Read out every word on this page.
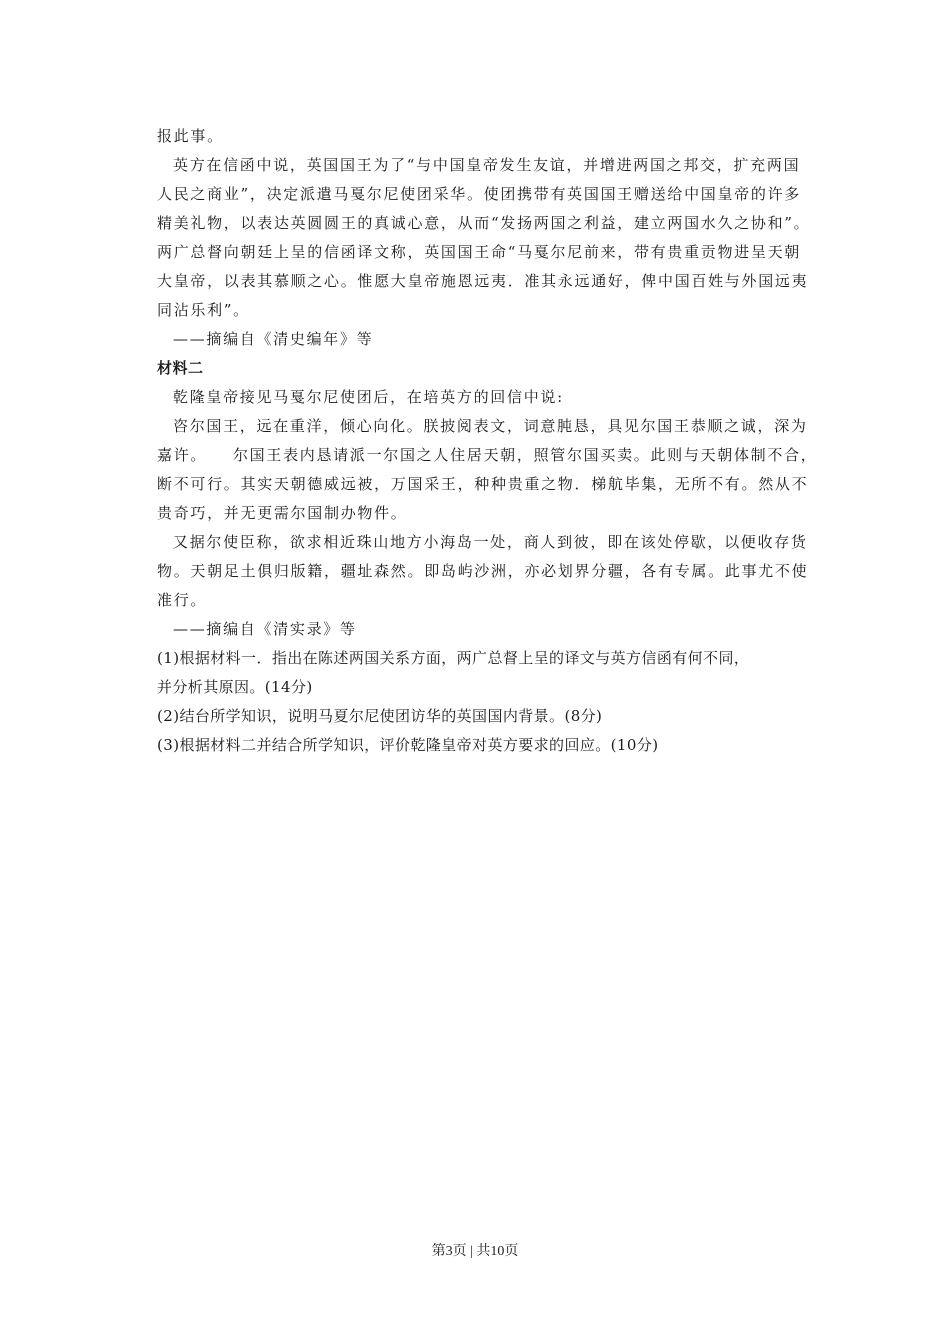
报此事。
英方在信函中说，英国国王为了“与中国皇帝发生友谊，并增进两国之邦交，扩充两国
人民之商业”，决定派遣马戛尔尼使团采华。使团携带有英国国王赠送给中国皇帝的许多
精美礼物，以表达英圆圆王的真诚心意，从而“发扬两国之利益，建立两国水久之协和”。
两广总督向朝廷上呈的信函译文称，英国国王命“马戛尔尼前来，带有贵重贡物进呈天朝
大皇帝，以表其慕顺之心。惟愿大皇帝施恩远夷．准其永远通好，俾中国百姓与外国远夷
同沾乐利”。
——摘编自《清史编年》等
材料二
乾隆皇帝接见马戛尔尼使团后，在培英方的回信中说:
咨尔国王，远在重洋，倾心向化。朕披阅表文，词意肫恳，具见尔国王恭顺之诚，深为
嘉许。    尔国王表内恳请派一尔国之人住居天朝，照管尔国买卖。此则与天朝体制不合，
断不可行。其实天朝德威远被，万国采王，种种贵重之物．梯航毕集，无所不有。然从不
贵奇巧，并无更需尔国制办物件。
又据尔使臣称，欲求相近珠山地方小海岛一处，商人到彼，即在该处停歇，以便收存货
物。天朝足土俱归版籍，疆址森然。即岛屿沙洲，亦必划界分疆，各有专属。此事尤不使
准行。
——摘编自《清实录》等
(1)根据材料一．指出在陈述两国关系方面，两广总督上呈的译文与英方信函有何不同，
并分析其原因。(14分)
(2)结台所学知识，说明马夏尔尼使团访华的英国国内背景。(8分)
(3)根据材料二并结合所学知识，评价乾隆皇帝对英方要求的回应。(10分)
第3页 | 共10页
